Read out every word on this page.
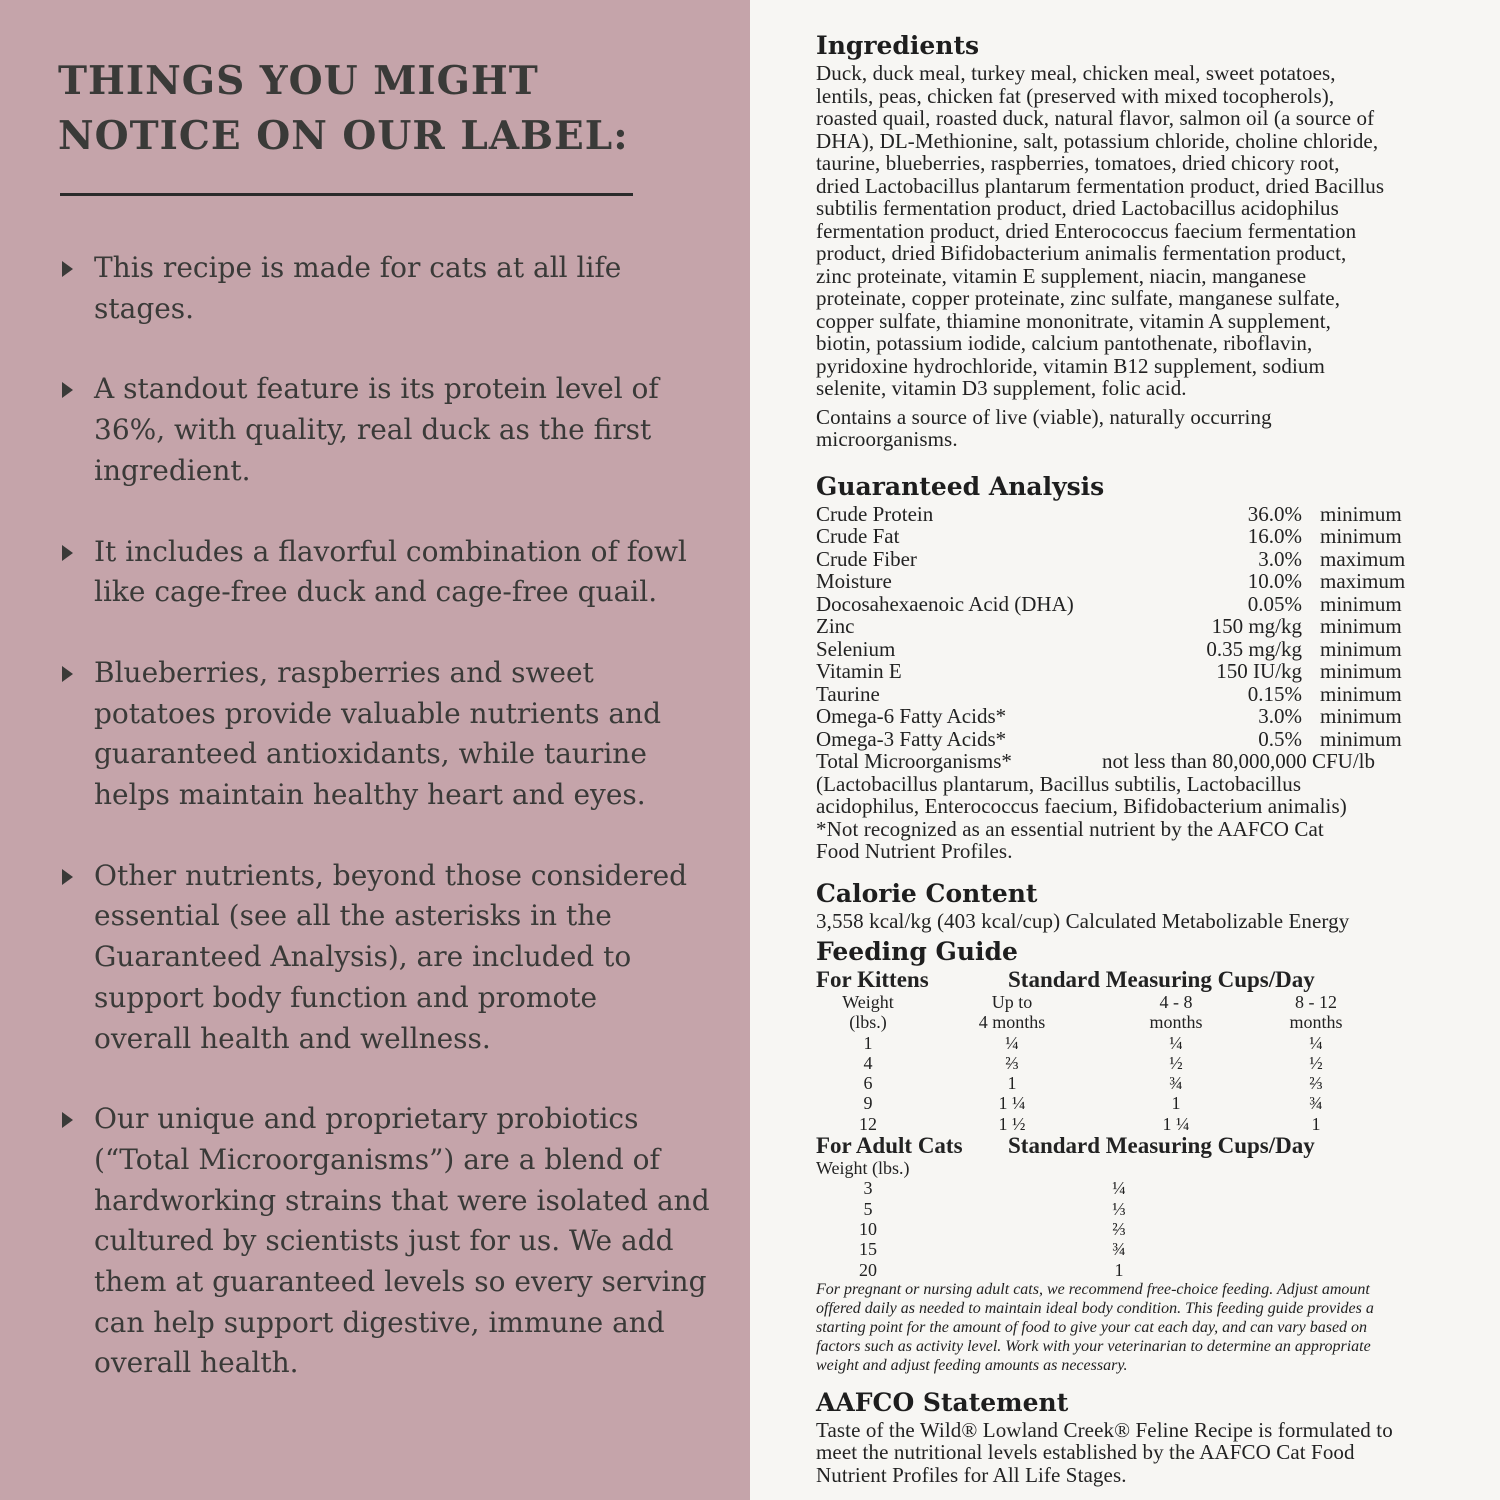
THINGS YOU MIGHT
NOTICE ON OUR LABEL:
This recipe is made for cats at all life
stages.
A standout feature is its protein level of
36%, with quality, real duck as the first
ingredient.
It includes a flavorful combination of fowl
like cage-free duck and cage-free quail.
Blueberries, raspberries and sweet
potatoes provide valuable nutrients and
guaranteed antioxidants, while taurine
helps maintain healthy heart and eyes.
Other nutrients, beyond those considered
essential (see all the asterisks in the
Guaranteed Analysis), are included to
support body function and promote
overall health and wellness.
Our unique and proprietary probiotics
(“Total Microorganisms”) are a blend of
hardworking strains that were isolated and
cultured by scientists just for us. We add
them at guaranteed levels so every serving
can help support digestive, immune and
overall health.
Ingredients
Duck, duck meal, turkey meal, chicken meal, sweet potatoes,
lentils, peas, chicken fat (preserved with mixed tocopherols),
roasted quail, roasted duck, natural flavor, salmon oil (a source of
DHA), DL-Methionine, salt, potassium chloride, choline chloride,
taurine, blueberries, raspberries, tomatoes, dried chicory root,
dried Lactobacillus plantarum fermentation product, dried Bacillus
subtilis fermentation product, dried Lactobacillus acidophilus
fermentation product, dried Enterococcus faecium fermentation
product, dried Bifidobacterium animalis fermentation product,
zinc proteinate, vitamin E supplement, niacin, manganese
proteinate, copper proteinate, zinc sulfate, manganese sulfate,
copper sulfate, thiamine mononitrate, vitamin A supplement,
biotin, potassium iodide, calcium pantothenate, riboflavin,
pyridoxine hydrochloride, vitamin B12 supplement, sodium
selenite, vitamin D3 supplement, folic acid.
Contains a source of live (viable), naturally occurring
microorganisms.
Guaranteed Analysis
Crude Protein	36.0% minimum
Crude Fat	16.0% minimum
Crude Fiber	3.0% maximum
Moisture	10.0% maximum
Docosahexaenoic Acid (DHA)	0.05% minimum
Zinc	150 mg/kg minimum
Selenium	0.35 mg/kg minimum
Vitamin E	150 IU/kg minimum
Taurine	0.15% minimum
Omega-6 Fatty Acids*	3.0% minimum
Omega-3 Fatty Acids*	0.5% minimum
Total Microorganisms*	not less than 80,000,000 CFU/lb
(Lactobacillus plantarum, Bacillus subtilis, Lactobacillus
acidophilus, Enterococcus faecium, Bifidobacterium animalis)
*Not recognized as an essential nutrient by the AAFCO Cat
Food Nutrient Profiles.
Calorie Content
3,558 kcal/kg (403 kcal/cup) Calculated Metabolizable Energy
Feeding Guide
For Kittens	Standard Measuring Cups/Day
Weight	Up to	4 - 8	8 - 12
(lbs.)	4 months	months	months
1	¼	¼	¼
4	⅔	½	½
6	1	¾	⅔
9	1 ¼	1	¾
12	1 ½	1 ¼	1
For Adult Cats	Standard Measuring Cups/Day
Weight (lbs.)
3	¼
5	⅓
10	⅔
15	¾
20	1
For pregnant or nursing adult cats, we recommend free-choice feeding. Adjust amount
offered daily as needed to maintain ideal body condition. This feeding guide provides a
starting point for the amount of food to give your cat each day, and can vary based on
factors such as activity level. Work with your veterinarian to determine an appropriate
weight and adjust feeding amounts as necessary.
AAFCO Statement
Taste of the Wild® Lowland Creek® Feline Recipe is formulated to
meet the nutritional levels established by the AAFCO Cat Food
Nutrient Profiles for All Life Stages.
